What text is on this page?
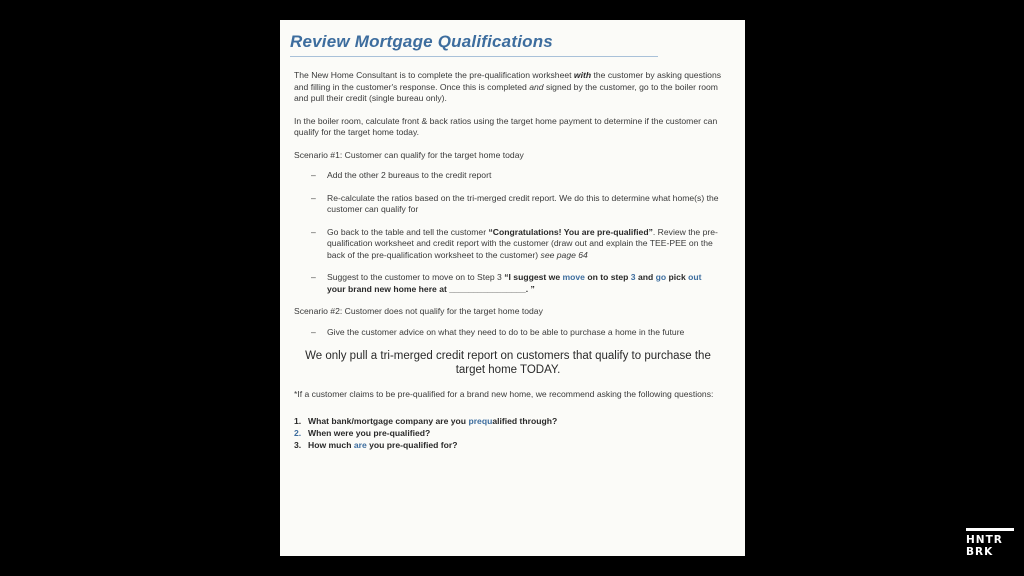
Review Mortgage Qualifications

The New Home Consultant is to complete the pre-qualification worksheet with the customer by asking questions and filling in the customer's response. Once this is completed and signed by the customer, go to the boiler room and pull their credit (single bureau only).

In the boiler room, calculate front & back ratios using the target home payment to determine if the customer can qualify for the target home today.

Scenario #1: Customer can qualify for the target home today

–	Add the other 2 bureaus to the credit report
–	Re-calculate the ratios based on the tri-merged credit report. We do this to determine what home(s) the customer can qualify for
–	Go back to the table and tell the customer “Congratulations! You are pre-qualified”. Review the pre-qualification worksheet and credit report with the customer (draw out and explain the TEE-PEE on the back of the pre-qualification worksheet to the customer) see page 64
–	Suggest to the customer to move on to Step 3 “I suggest we move on to step 3 and go pick out your brand new home here at ________________. ”

Scenario #2: Customer does not qualify for the target home today

–	Give the customer advice on what they need to do to be able to purchase a home in the future

We only pull a tri-merged credit report on customers that qualify to purchase the target home TODAY.

*If a customer claims to be pre-qualified for a brand new home, we recommend asking the following questions:

1. What bank/mortgage company are you prequalified through?
2. When were you pre-qualified?
3. How much are you pre-qualified for?
HNTR
BRK
